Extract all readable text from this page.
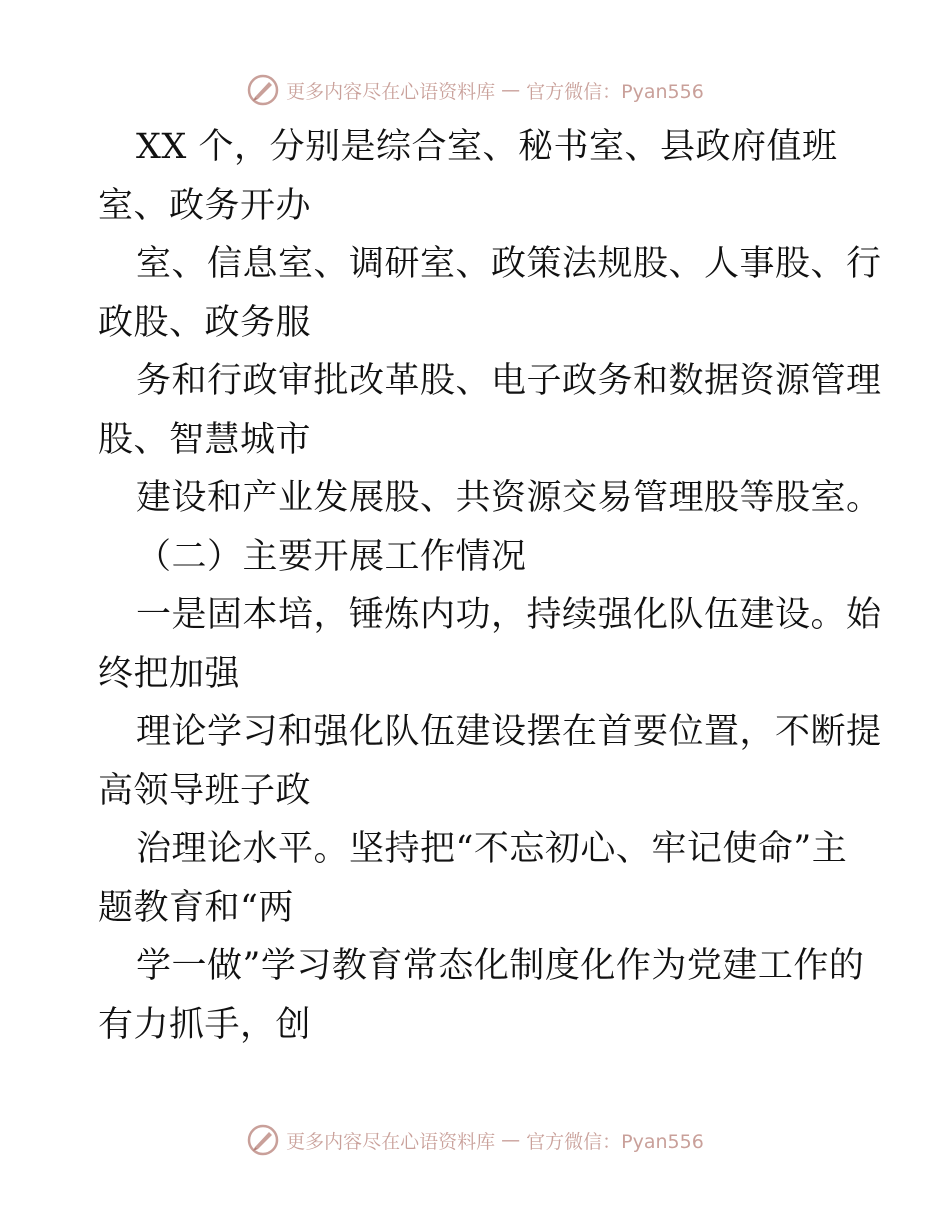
更多内容尽在心语资料库 — 官方微信：Pyan556
XX 个，分别是综合室、秘书室、县政府值班
室、政务开办
室、信息室、调研室、政策法规股、人事股、行
政股、政务服
务和行政审批改革股、电子政务和数据资源管理
股、智慧城市
建设和产业发展股、共资源交易管理股等股室。
（二）主要开展工作情况
一是固本培，锤炼内功，持续强化队伍建设。始
终把加强
理论学习和强化队伍建设摆在首要位置，不断提
高领导班子政
治理论水平。坚持把“不忘初心、牢记使命”主
题教育和“两
学一做”学习教育常态化制度化作为党建工作的
有力抓手，创
更多内容尽在心语资料库 — 官方微信：Pyan556
